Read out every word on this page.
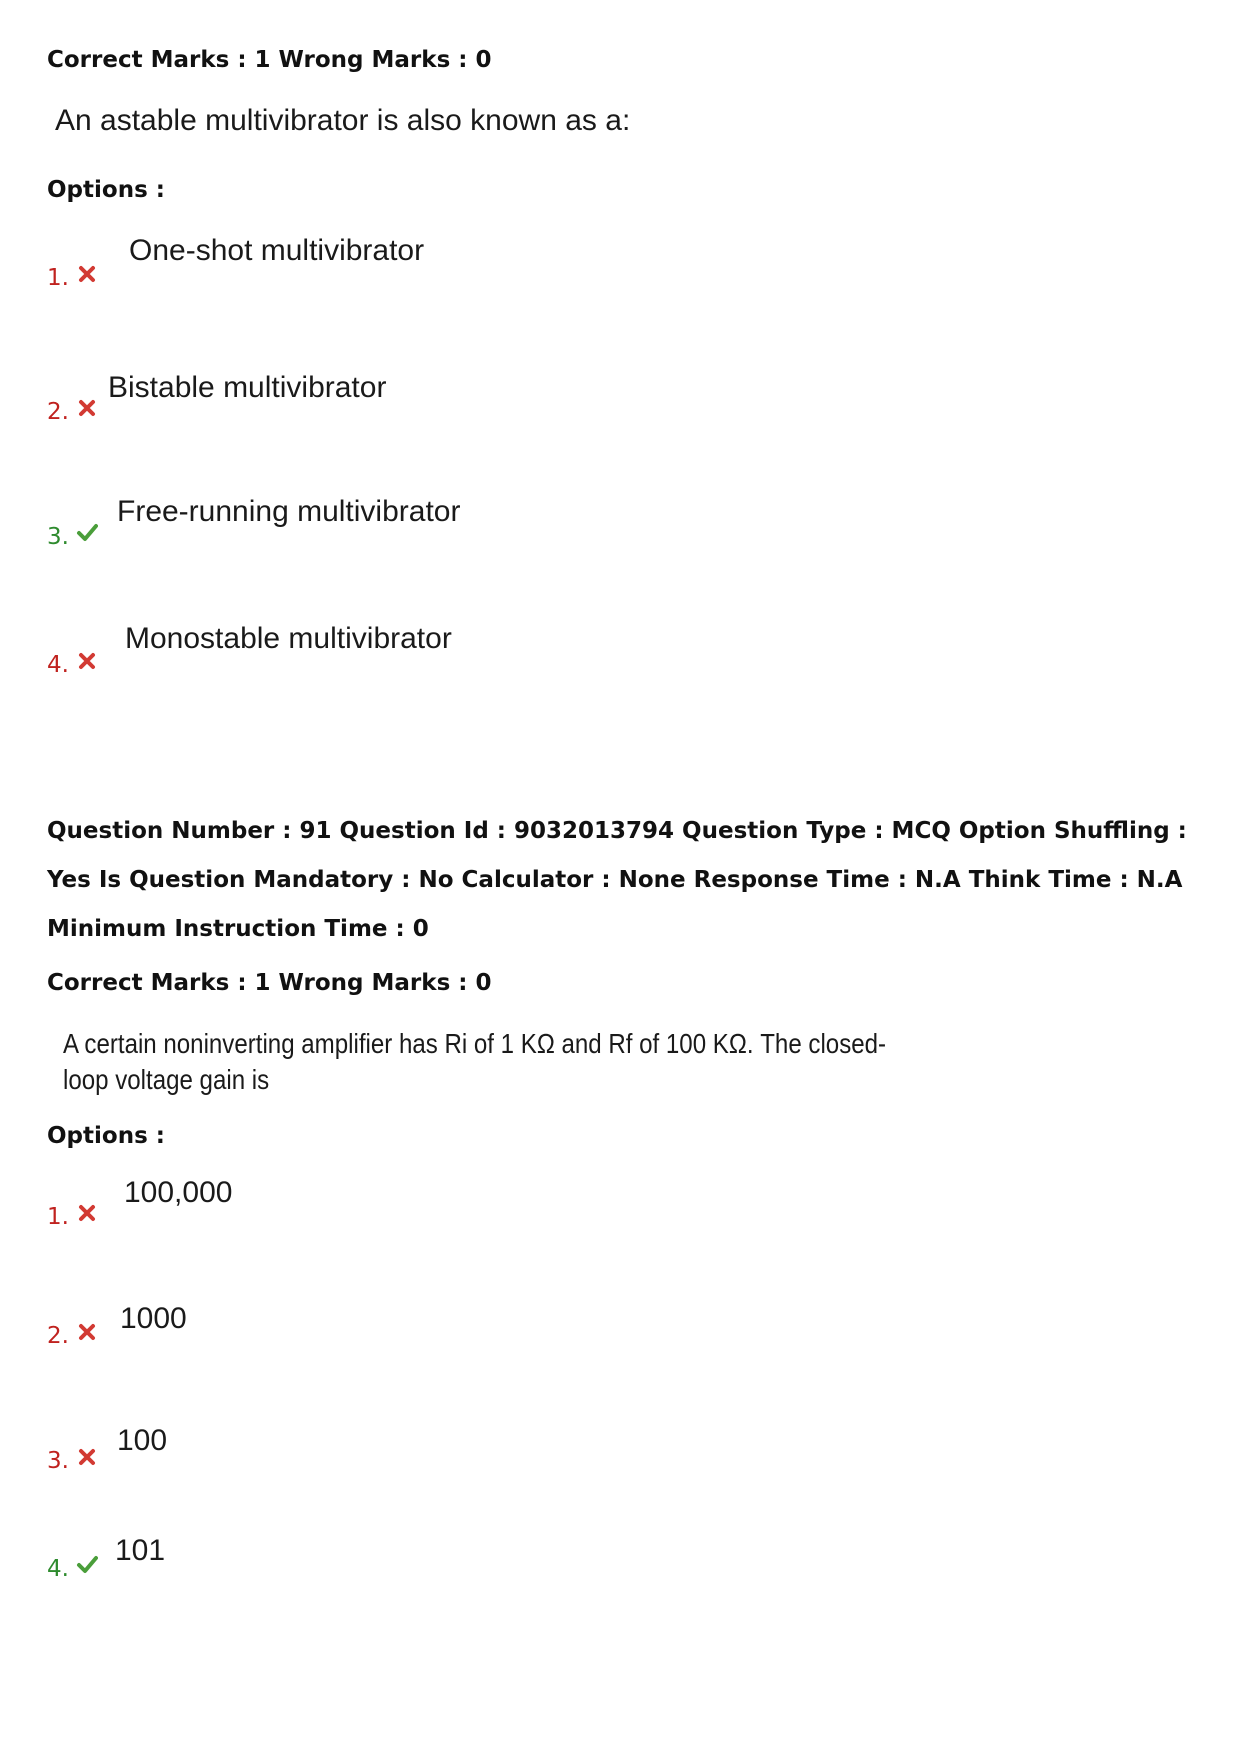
Correct Marks : 1 Wrong Marks : 0
An astable multivibrator is also known as a:
Options :
1.
One-shot multivibrator
2.
Bistable multivibrator
3.
Free-running multivibrator
4.
Monostable multivibrator
Question Number : 91 Question Id : 9032013794 Question Type : MCQ Option Shuffling : Yes Is Question Mandatory : No Calculator : None Response Time : N.A Think Time : N.A Minimum Instruction Time : 0
Correct Marks : 1 Wrong Marks : 0
A certain noninverting amplifier has Ri of 1 KΩ and Rf of 100 KΩ. The closed-
loop voltage gain is
Options :
1.
100,000
2.
1000
3.
100
4.
101
